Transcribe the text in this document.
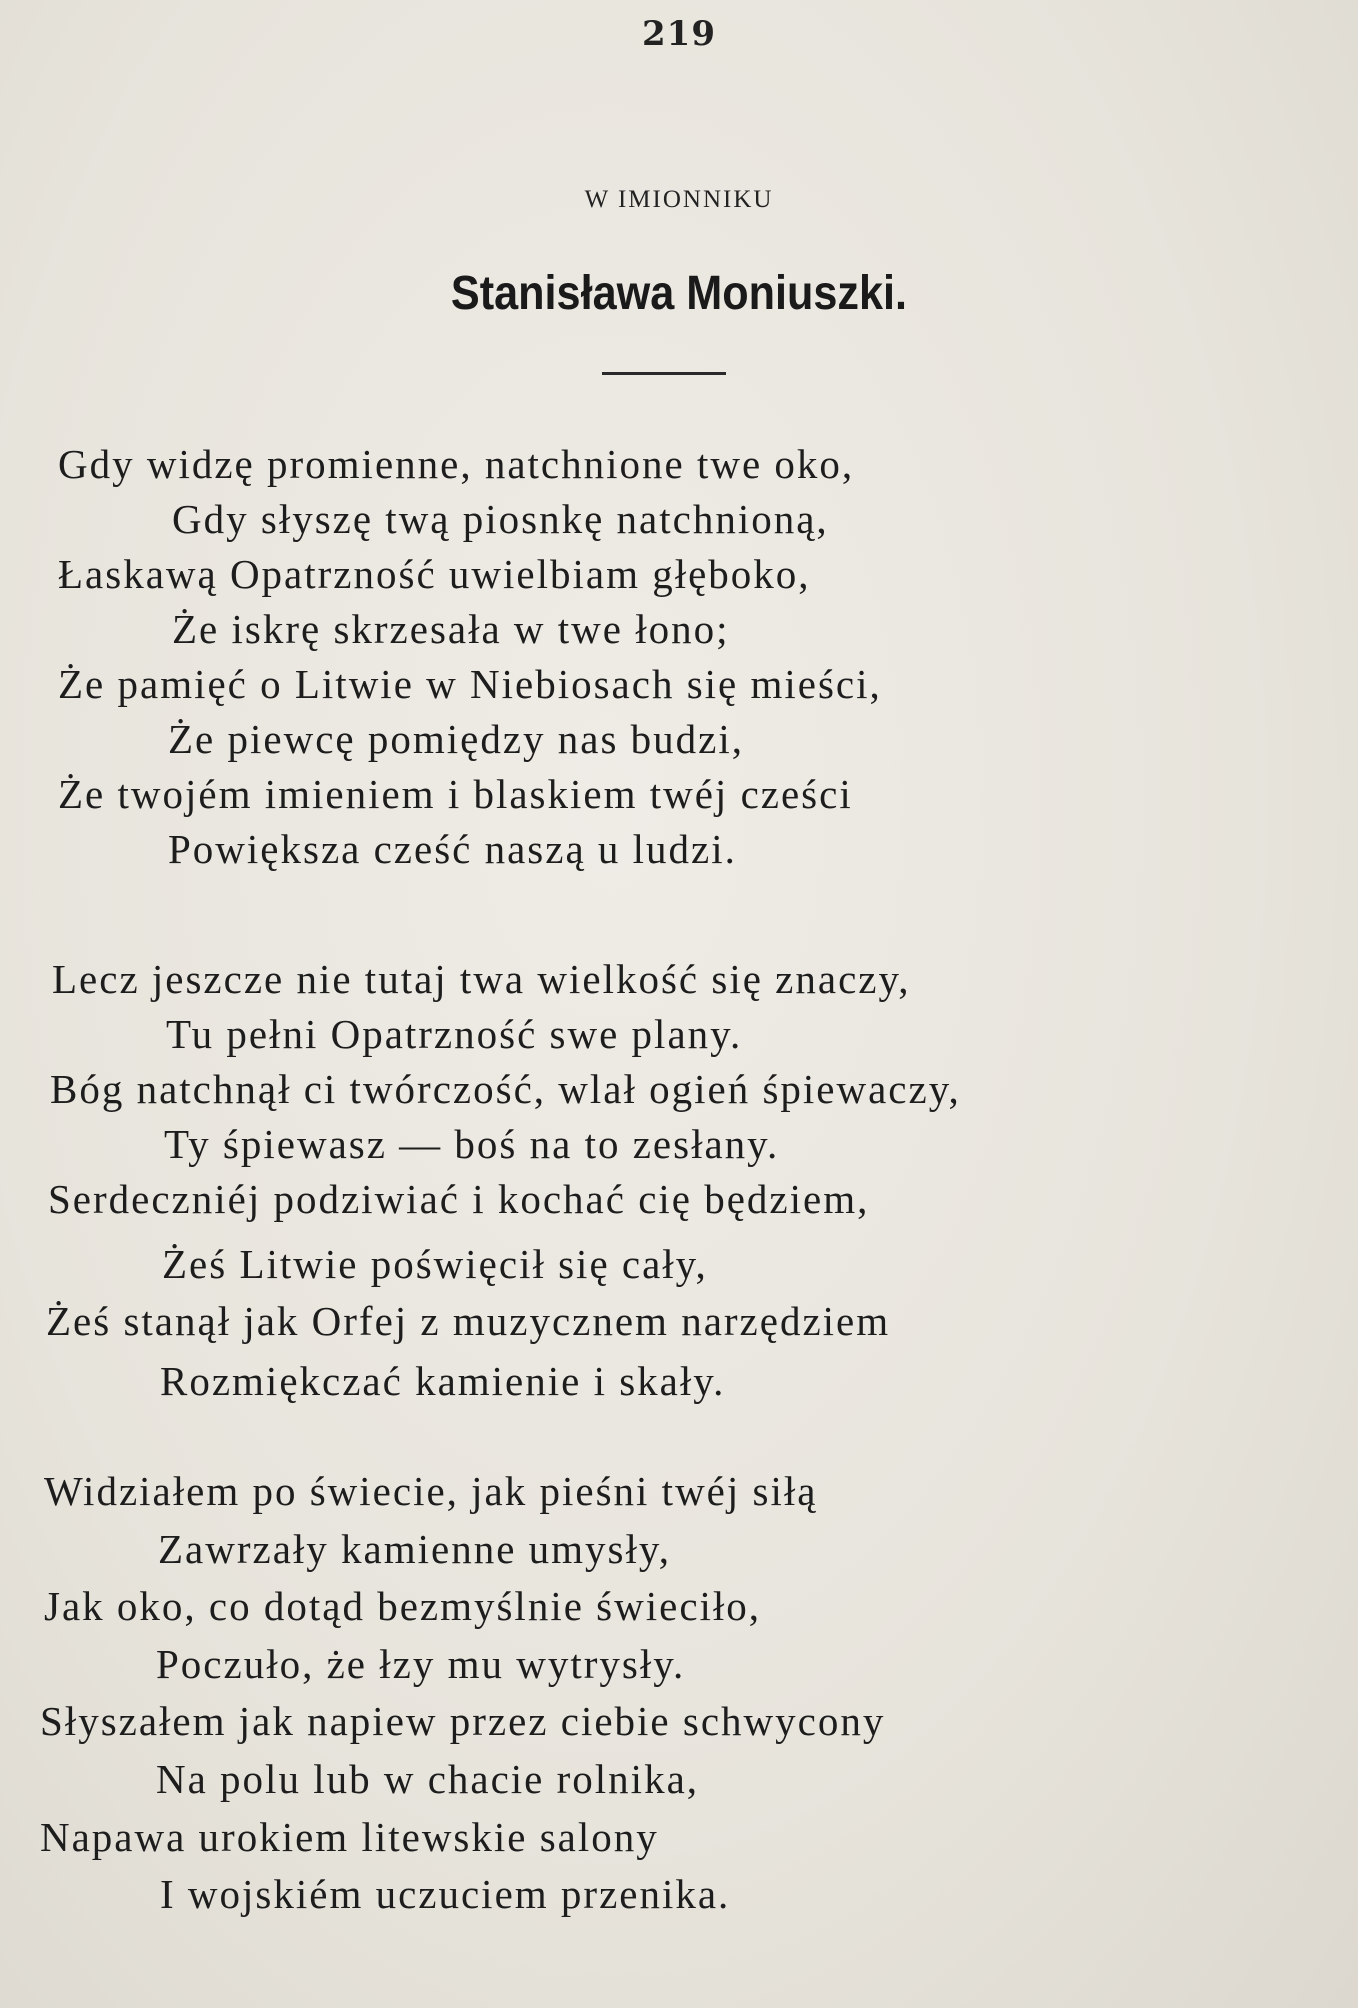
219
W IMIONNIKU
Stanisława Moniuszki.
Gdy widzę promienne, natchnione twe oko,
Gdy słyszę twą piosnkę natchnioną,
Łaskawą Opatrzność uwielbiam głęboko,
Że iskrę skrzesała w twe łono;
Że pamięć o Litwie w Niebiosach się mieści,
Że piewcę pomiędzy nas budzi,
Że twojém imieniem i blaskiem twéj cześci
Powiększa cześć naszą u ludzi.
Lecz jeszcze nie tutaj twa wielkość się znaczy,
Tu pełni Opatrzność swe plany.
Bóg natchnął ci twórczość, wlał ogień śpiewaczy,
Ty śpiewasz — boś na to zesłany.
Serdeczniéj podziwiać i kochać cię będziem,
Żeś Litwie poświęcił się cały,
Żeś stanął jak Orfej z muzycznem narzędziem
Rozmiękczać kamienie i skały.
Widziałem po świecie, jak pieśni twéj siłą
Zawrzały kamienne umysły,
Jak oko, co dotąd bezmyślnie świeciło,
Poczuło, że łzy mu wytrysły.
Słyszałem jak napiew przez ciebie schwycony
Na polu lub w chacie rolnika,
Napawa urokiem litewskie salony
I wojskiém uczuciem przenika.
